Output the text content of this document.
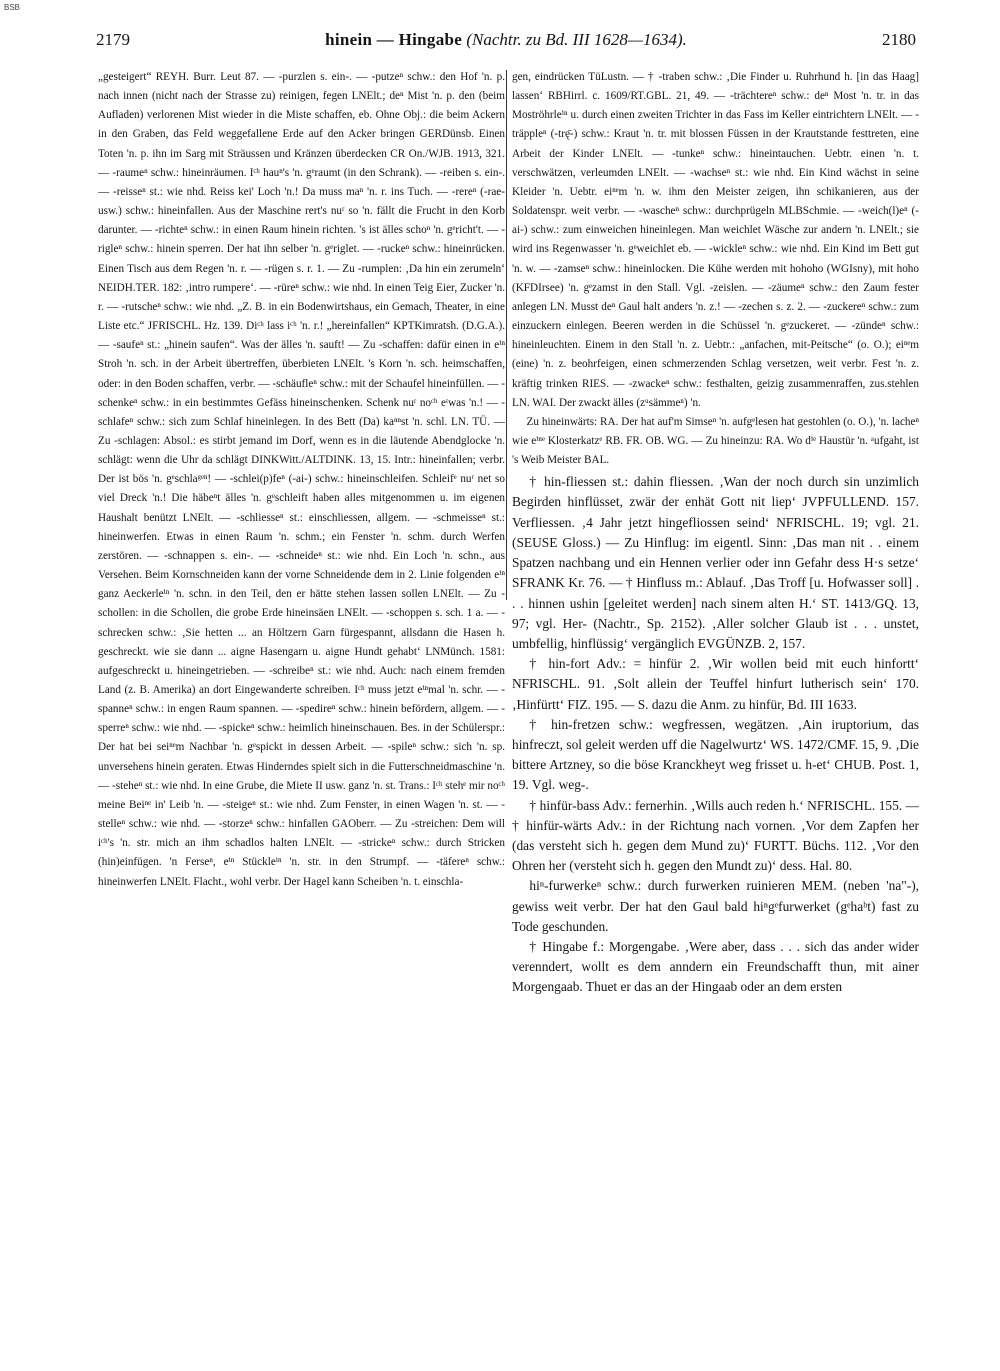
BSB
2179	hinein — Hingabe (Nachtr. zu Bd. III 1628—1634).	2180

„gesteigert“ REYH. Burr. Leut 87. — -purzlen s. ein-. — -putzeⁿ schw.: den Hof 'n. p. nach innen (nicht nach der Strasse zu) reinigen, fegen LNElt.; deⁿ Mist 'n. p. den (beim Aufladen) verlorenen Mist wieder in die Miste schaffen, eb. Ohne Obj.: die beim Ackern in den Graben, das Feld weggefallene Erde auf den Acker bringen GERDünsb. Einen Toten 'n. p. ihn im Sarg mit Sträussen und Kränzen überdecken CR On./WJB. 1913, 321. — -raumeⁿ schw.: hineinräumen. Iᶜʰ hauⁿ's 'n. gᵉraumt (in den Schrank). — -reiben s. ein-. — -reisseⁿ st.: wie nhd. Reiss kei' Loch 'n.! Da muss maⁿ 'n. r. ins Tuch. — -rereⁿ (-rae- usw.) schw.: hineinfallen. Aus der Maschine rert's nuʳ so 'n. fällt die Frucht in den Korb darunter. — -richteⁿ schw.: in einen Raum hinein richten. 's ist älles schoⁿ 'n. gᵉricht't. — -rigleⁿ schw.: hinein sperren. Der hat ihn selber 'n. gᵉriglet. — -ruckeⁿ schw.: hineinrücken. Einen Tisch aus dem Regen 'n. r. — -rügen s. r. 1. — Zu -rumplen: ‚Da hin ein zerumeln‘ NEIDH.TER. 182: ‚intro rumpere‘. — -rüreⁿ schw.: wie nhd. In einen Teig Eier, Zucker 'n. r. — -rutscheⁿ schw.: wie nhd. „Z. B. in ein Bodenwirtshaus, ein Gemach, Theater, in eine Liste etc.“ JFRISCHL. Hz. 139. Diᶜʰ lass iᶜʰ 'n. r.! „hereinfallen“ KPTKimratsh. (D.G.A.). — -saufeⁿ st.: „hinein saufen“. Was der älles 'n. sauft! — Zu -schaffen: dafür einen in eⁱⁿ Stroh 'n. sch. in der Arbeit übertreffen, überbieten LNElt. 's Korn 'n. sch. heimschaffen, oder: in den Boden schaffen, verbr. — -schäufleⁿ schw.: mit der Schaufel hineinfüllen. — -schenkeⁿ schw.: in ein bestimmtes Gefäss hineinschenken. Schenk nuʳ noᶜʰ eᵗwas 'n.! — -schlafeⁿ schw.: sich zum Schlaf hineinlegen. In des Bett (Da) kaⁿⁿst 'n. schl. LN. TÜ. — Zu -schlagen: Absol.: es stirbt jemand im Dorf, wenn es in die läutende Abendglocke 'n. schlägt: wenn die Uhr da schlägt DINKWitt./ALTDINK. 13, 15. Intr.: hineinfallen; verbr. Der ist bös 'n. gᵉschlaᵍᵉⁿ! — -schlei(p)feⁿ (-ai-) schw.: hineinschleifen. Schleifᵉ nuʳ net so viel Dreck 'n.! Die häbeⁿt älles 'n. gᵉschleift haben alles mitgenommen u. im eigenen Haushalt benützt LNElt. — -schliesseⁿ st.: einschliessen, allgem. — -schmeisseⁿ st.: hineinwerfen. Etwas in einen Raum 'n. schm.; ein Fenster 'n. schm. durch Werfen zerstören. — -schnappen s. ein-. — -schneideⁿ st.: wie nhd. Ein Loch 'n. schn., aus Versehen. Beim Kornschneiden kann der vorne Schneidende dem in 2. Linie folgenden eⁱⁿ ganz Aeckerleⁱⁿ 'n. schn. in den Teil, den er hätte stehen lassen sollen LNElt. — Zu -schollen: in die Schollen, die grobe Erde hineinsäen LNElt. — -schoppen s. sch. 1 a. — -schrecken schw.: ‚Sie hetten ... an Höltzern Garn fürgespannt, allsdann die Hasen h. geschreckt. wie sie dann ... aigne Hasengarn u. aigne Hundt gehabt‘ LNMünch. 1581: aufgeschreckt u. hineingetrieben. — -schreibeⁿ st.: wie nhd. Auch: nach einem fremden Land (z. B. Amerika) an dort Eingewanderte schreiben. Iᶜʰ muss jetzt eⁱⁿmal 'n. schr. — -spanneⁿ schw.: in engen Raum spannen. — -spedireⁿ schw.: hinein befördern, allgem. — -sperreⁿ schw.: wie nhd. — -spickeⁿ schw.: heimlich hineinschauen. Bes. in der Schülerspr.: Der hat bei seiⁿᵉm Nachbar 'n. gᵉspickt in dessen Arbeit. — -spileⁿ schw.: sich 'n. sp. unversehens hinein geraten. Etwas Hinderndes spielt sich in die Futterschneidmaschine 'n. — -steheⁿ st.: wie nhd. In eine Grube, die Miete II usw. ganz 'n. st. Trans.: Iᶜʰ stehᵉ mir noᶜʰ meine Beiⁿᵉ in' Leib 'n. — -steigeⁿ st.: wie nhd. Zum Fenster, in einen Wagen 'n. st. — -stelleⁿ schw.: wie nhd. — -storzeⁿ schw.: hinfallen GAOberr. — Zu -streichen: Dem will iᶜʰ's 'n. str. mich an ihm schadlos halten LNElt. — -strickeⁿ schw.: durch Stricken (hin)einfügen. 'n Ferseⁿ, eⁱⁿ Stückleⁱⁿ 'n. str. in den Strumpf. — -täfereⁿ schw.: hineinwerfen LNElt. Flacht., wohl verbr. Der Hagel kann Scheiben 'n. t. einschla-

gen, eindrücken TüLustn. — † -traben schw.: ‚Die Finder u. Ruhrhund h. [in das Haag] lassen‘ RBHirrl. c. 1609/RT.GBL. 21, 49. — -trächtereⁿ schw.: deⁿ Most 'n. tr. in das Moströhrleⁱⁿ u. durch einen zweiten Trichter in das Fass im Keller eintrichtern LNElt. — -träppleⁿ (-trę̄-) schw.: Kraut 'n. tr. mit blossen Füssen in der Krautstande festtreten, eine Arbeit der Kinder LNElt. — -tunkeⁿ schw.: hineintauchen. Uebtr. einen 'n. t. verschwätzen, verleumden LNElt. — -wachseⁿ st.: wie nhd. Ein Kind wächst in seine Kleider 'n. Uebtr. eiⁿᵉm 'n. w. ihm den Meister zeigen, ihn schikanieren, aus der Soldatenspr. weit verbr. — -wascheⁿ schw.: durchprügeln MLBSchmie. — -weich(l)eⁿ (-ai-) schw.: zum einweichen hineinlegen. Man weichlet Wäsche zur andern 'n. LNElt.; sie wird ins Regenwasser 'n. gᵉweichlet eb. — -wickleⁿ schw.: wie nhd. Ein Kind im Bett gut 'n. w. — -zamseⁿ schw.: hineinlocken. Die Kühe werden mit hohoho (WGIsny), mit hoho (KFDIrsee) 'n. gᵉzamst in den Stall. Vgl. -zeislen. — -zäumeⁿ schw.: den Zaum fester anlegen LN. Musst deⁿ Gaul halt anders 'n. z.! — -zechen s. z. 2. — -zuckereⁿ schw.: zum einzuckern einlegen. Beeren werden in die Schüssel 'n. gᵉzuckeret. — -zündeⁿ schw.: hineinleuchten. Einem in den Stall 'n. z. Uebtr.: „anfachen, mit-Peitsche“ (o. O.); eiⁿᵉm (eine) 'n. z. beohrfeigen, einen schmerzenden Schlag versetzen, weit verbr. Fest 'n. z. kräftig trinken RIES. — -zwackeⁿ schw.: festhalten, geizig zusammenraffen, zus.stehlen LN. WAI. Der zwackt älles (zᵘsämmeⁿ) 'n.

Zu hineinwärts: RA. Der hat auf'm Simseⁿ 'n. aufgᵉlesen hat gestohlen (o. O.), 'n. lacheⁿ wie eⁱⁿᵉ Klosterkatzᵉ RB. FR. OB. WG. — Zu hineinzu: RA. Wo dⁱᵉ Haustür 'n. ᵃufgaht, ist 's Weib Meister BAL.

† hin-fliessen st.: dahin fliessen. ‚Wan der noch durch sin unzimlich Begirden hinflüsset, zwär der enhät Gott nit liep‘ JVPFULLEND. 157. Verfliessen. ‚4 Jahr jetzt hingefliossen seind‘ NFRISCHL. 19; vgl. 21. (SEUSE Gloss.) — Zu Hinflug: im eigentl. Sinn: ‚Das man nit . . einem Spatzen nachbang und ein Hennen verlier oder inn Gefahr dess H·s setze‘ SFRANK Kr. 76. — † Hinfluss m.: Ablauf. ‚Das Troff [u. Hofwasser soll] . . . hinnen ushin [geleitet werden] nach sinem alten H.‘ ST. 1413/GQ. 13, 97; vgl. Her- (Nachtr., Sp. 2152). ‚Aller solcher Glaub ist . . . unstet, umbfellig, hinflüssig‘ vergänglich EVGÜNZB. 2, 157.

† hin-fort Adv.: = hinfür 2. ‚Wir wollen beid mit euch hinfortt‘ NFRISCHL. 91. ‚Solt allein der Teuffel hinfurt lutherisch sein‘ 170. ‚Hinfürtt‘ FIZ. 195. — S. dazu die Anm. zu hinfür, Bd. III 1633.

† hin-fretzen schw.: wegfressen, wegätzen. ‚Ain iruptorium, das hinfreczt, sol geleit werden uff die Nagelwurtz‘ WS. 1472/CMF. 15, 9. ‚Die bittere Artzney, so die böse Kranckheyt weg frisset u. h-et‘ CHUB. Post. 1, 19. Vgl. weg-.

† hinfür-bass Adv.: fernerhin. ‚Wills auch reden h.‘ NFRISCHL. 155. — † hinfür-wärts Adv.: in der Richtung nach vornen. ‚Vor dem Zapfen her (das versteht sich h. gegen dem Mund zu)‘ FURTT. Büchs. 112. ‚Vor den Ohren her (versteht sich h. gegen den Mundt zu)‘ dess. Hal. 80.

hiⁿ-furwerkeⁿ schw.: durch furwerken ruinieren MEM. (neben 'na"-), gewiss weit verbr. Der hat den Gaul bald hiⁿgᵉfurwerket (gᵉhaᵇt) fast zu Tode geschunden.

† Hingabe f.: Morgengabe. ‚Were aber, dass . . . sich das ander wider verenndert, wollt es dem anndern ein Freundschafft thun, mit ainer Morgengaab. Thuet er das an der Hingaab oder an dem ersten
